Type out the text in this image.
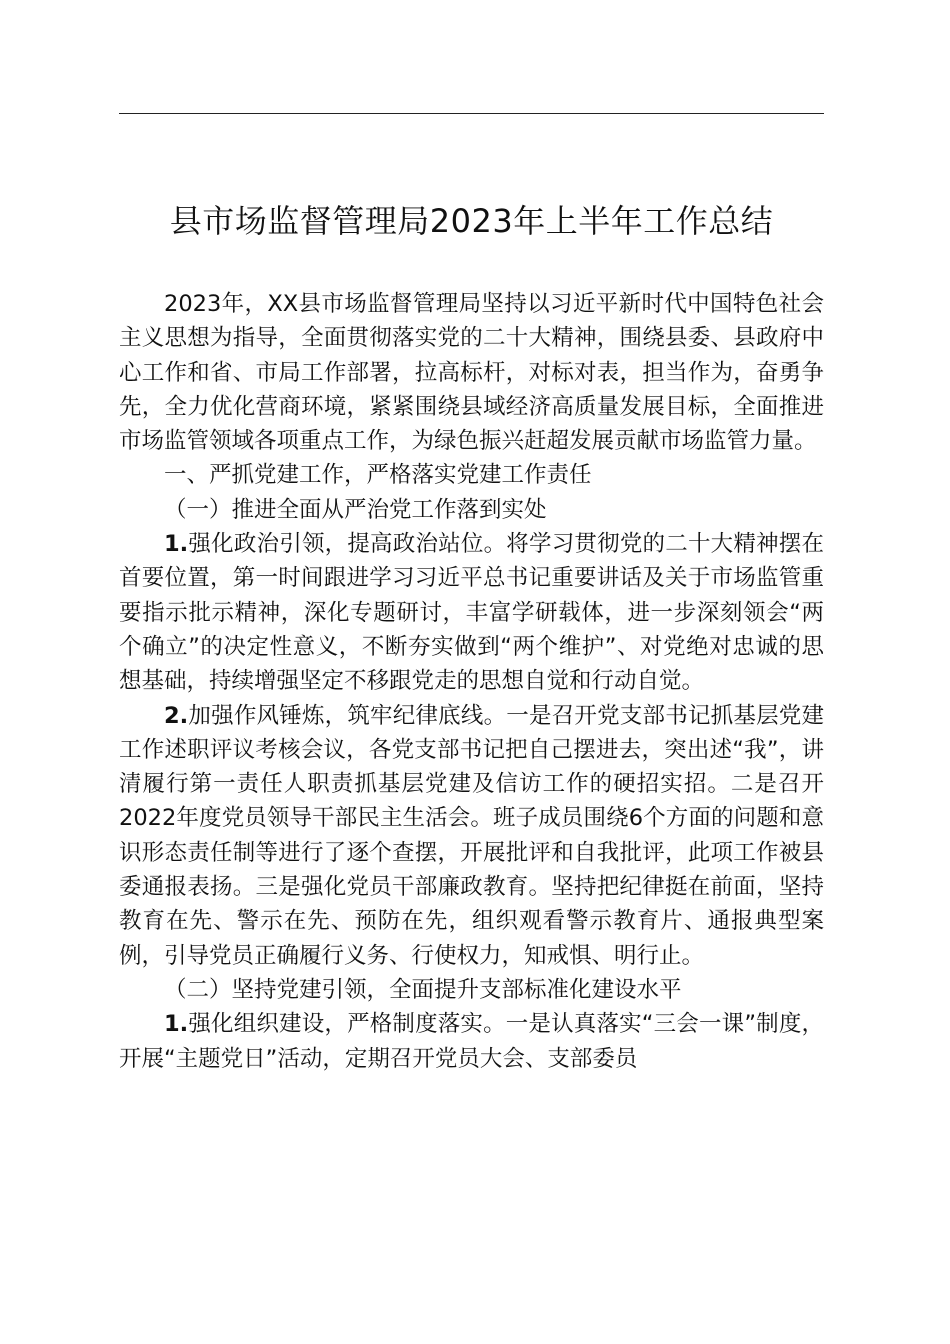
县市场监督管理局2023年上半年工作总结

2023年，XX县市场监督管理局坚持以习近平新时代中国特色社会主义思想为指导，全面贯彻落实党的二十大精神，围绕县委、县政府中心工作和省、市局工作部署，拉高标杆，对标对表，担当作为，奋勇争先，全力优化营商环境，紧紧围绕县域经济高质量发展目标，全面推进市场监管领域各项重点工作，为绿色振兴赶超发展贡献市场监管力量。

一、严抓党建工作，严格落实党建工作责任

（一）推进全面从严治党工作落到实处

1.强化政治引领，提高政治站位。将学习贯彻党的二十大精神摆在首要位置，第一时间跟进学习习近平总书记重要讲话及关于市场监管重要指示批示精神，深化专题研讨，丰富学研载体，进一步深刻领会“两个确立”的决定性意义，不断夯实做到“两个维护”、对党绝对忠诚的思想基础，持续增强坚定不移跟党走的思想自觉和行动自觉。

2.加强作风锤炼，筑牢纪律底线。一是召开党支部书记抓基层党建工作述职评议考核会议，各党支部书记把自己摆进去，突出述“我”，讲清履行第一责任人职责抓基层党建及信访工作的硬招实招。二是召开2022年度党员领导干部民主生活会。班子成员围绕6个方面的问题和意识形态责任制等进行了逐个查摆，开展批评和自我批评，此项工作被县委通报表扬。三是强化党员干部廉政教育。坚持把纪律挺在前面，坚持教育在先、警示在先、预防在先，组织观看警示教育片、通报典型案例，引导党员正确履行义务、行使权力，知戒惧、明行止。

（二）坚持党建引领，全面提升支部标准化建设水平

1.强化组织建设，严格制度落实。一是认真落实“三会一课”制度，开展“主题党日”活动，定期召开党员大会、支部委员
